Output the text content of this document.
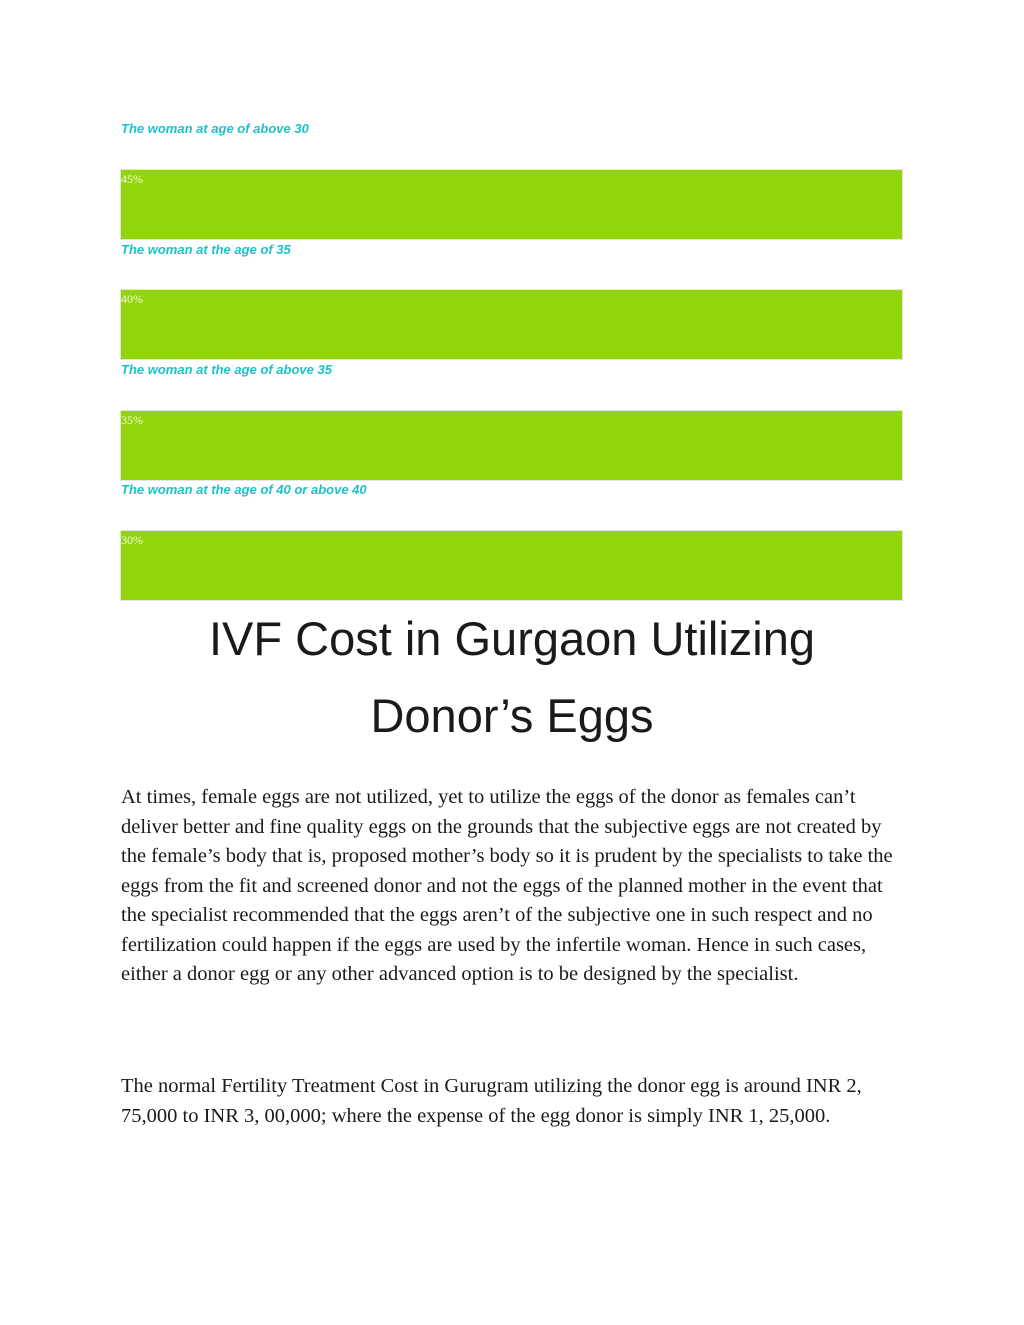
The woman at age of above 30
45%
The woman at the age of 35
40%
The woman at the age of above 35
35%
The woman at the age of 40 or above 40
30%
IVF Cost in Gurgaon Utilizing
Donor’s Eggs

At times, female eggs are not utilized, yet to utilize the eggs of the donor as females can’t deliver better and fine quality eggs on the grounds that the subjective eggs are not created by the female’s body that is, proposed mother’s body so it is prudent by the specialists to take the eggs from the fit and screened donor and not the eggs of the planned mother in the event that the specialist recommended that the eggs aren’t of the subjective one in such respect and no fertilization could happen if the eggs are used by the infertile woman. Hence in such cases, either a donor egg or any other advanced option is to be designed by the specialist.

The normal Fertility Treatment Cost in Gurugram utilizing the donor egg is around INR 2, 75,000 to INR 3, 00,000; where the expense of the egg donor is simply INR 1, 25,000.
